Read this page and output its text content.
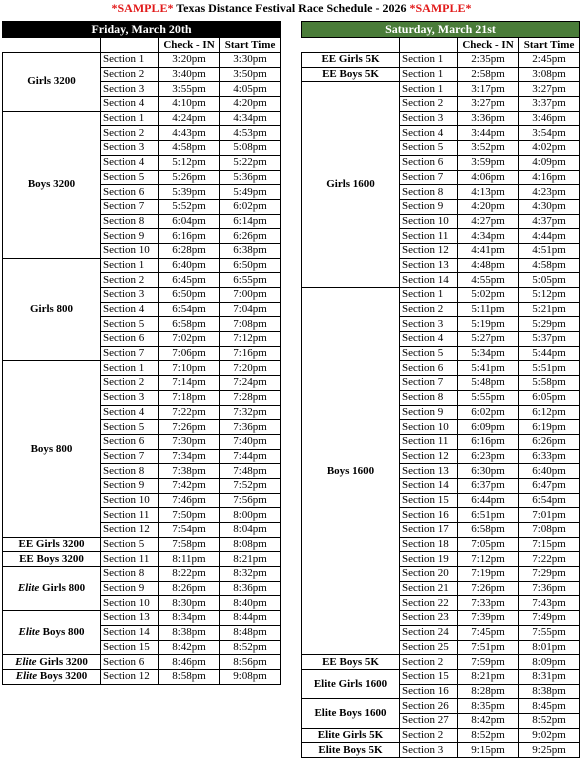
*SAMPLE* Texas Distance Festival Race Schedule - 2026 *SAMPLE*
Friday, March 20th			
		Check - IN	Start Time
Girls 3200	Section 1	3:20pm	3:30pm
	Section 2	3:40pm	3:50pm
	Section 3	3:55pm	4:05pm
	Section 4	4:10pm	4:20pm
Boys 3200	Section 1	4:24pm	4:34pm
	Section 2	4:43pm	4:53pm
	Section 3	4:58pm	5:08pm
	Section 4	5:12pm	5:22pm
	Section 5	5:26pm	5:36pm
	Section 6	5:39pm	5:49pm
	Section 7	5:52pm	6:02pm
	Section 8	6:04pm	6:14pm
	Section 9	6:16pm	6:26pm
	Section 10	6:28pm	6:38pm
Girls 800	Section 1	6:40pm	6:50pm
	Section 2	6:45pm	6:55pm
	Section 3	6:50pm	7:00pm
	Section 4	6:54pm	7:04pm
	Section 5	6:58pm	7:08pm
	Section 6	7:02pm	7:12pm
	Section 7	7:06pm	7:16pm
Boys 800	Section 1	7:10pm	7:20pm
	Section 2	7:14pm	7:24pm
	Section 3	7:18pm	7:28pm
	Section 4	7:22pm	7:32pm
	Section 5	7:26pm	7:36pm
	Section 6	7:30pm	7:40pm
	Section 7	7:34pm	7:44pm
	Section 8	7:38pm	7:48pm
	Section 9	7:42pm	7:52pm
	Section 10	7:46pm	7:56pm
	Section 11	7:50pm	8:00pm
	Section 12	7:54pm	8:04pm
EE Girls 3200	Section 5	7:58pm	8:08pm
EE Boys 3200	Section 11	8:11pm	8:21pm
Elite Girls 800	Section 8	8:22pm	8:32pm
	Section 9	8:26pm	8:36pm
	Section 10	8:30pm	8:40pm
Elite Boys 800	Section 13	8:34pm	8:44pm
	Section 14	8:38pm	8:48pm
	Section 15	8:42pm	8:52pm
Elite Girls 3200	Section 6	8:46pm	8:56pm
Elite Boys 3200	Section 12	8:58pm	9:08pm
Saturday, March 21st			
		Check - IN	Start Time
EE Girls 5K	Section 1	2:35pm	2:45pm
EE Boys 5K	Section 1	2:58pm	3:08pm
Girls 1600	Section 1	3:17pm	3:27pm
	Section 2	3:27pm	3:37pm
	Section 3	3:36pm	3:46pm
	Section 4	3:44pm	3:54pm
	Section 5	3:52pm	4:02pm
	Section 6	3:59pm	4:09pm
	Section 7	4:06pm	4:16pm
	Section 8	4:13pm	4:23pm
	Section 9	4:20pm	4:30pm
	Section 10	4:27pm	4:37pm
	Section 11	4:34pm	4:44pm
	Section 12	4:41pm	4:51pm
	Section 13	4:48pm	4:58pm
	Section 14	4:55pm	5:05pm
Boys 1600	Section 1	5:02pm	5:12pm
	Section 2	5:11pm	5:21pm
	Section 3	5:19pm	5:29pm
	Section 4	5:27pm	5:37pm
	Section 5	5:34pm	5:44pm
	Section 6	5:41pm	5:51pm
	Section 7	5:48pm	5:58pm
	Section 8	5:55pm	6:05pm
	Section 9	6:02pm	6:12pm
	Section 10	6:09pm	6:19pm
	Section 11	6:16pm	6:26pm
	Section 12	6:23pm	6:33pm
	Section 13	6:30pm	6:40pm
	Section 14	6:37pm	6:47pm
	Section 15	6:44pm	6:54pm
	Section 16	6:51pm	7:01pm
	Section 17	6:58pm	7:08pm
	Section 18	7:05pm	7:15pm
	Section 19	7:12pm	7:22pm
	Section 20	7:19pm	7:29pm
	Section 21	7:26pm	7:36pm
	Section 22	7:33pm	7:43pm
	Section 23	7:39pm	7:49pm
	Section 24	7:45pm	7:55pm
	Section 25	7:51pm	8:01pm
EE Boys 5K	Section 2	7:59pm	8:09pm
Elite Girls 1600	Section 15	8:21pm	8:31pm
	Section 16	8:28pm	8:38pm
Elite Boys 1600	Section 26	8:35pm	8:45pm
	Section 27	8:42pm	8:52pm
Elite Girls 5K	Section 2	8:52pm	9:02pm
Elite Boys 5K	Section 3	9:15pm	9:25pm
